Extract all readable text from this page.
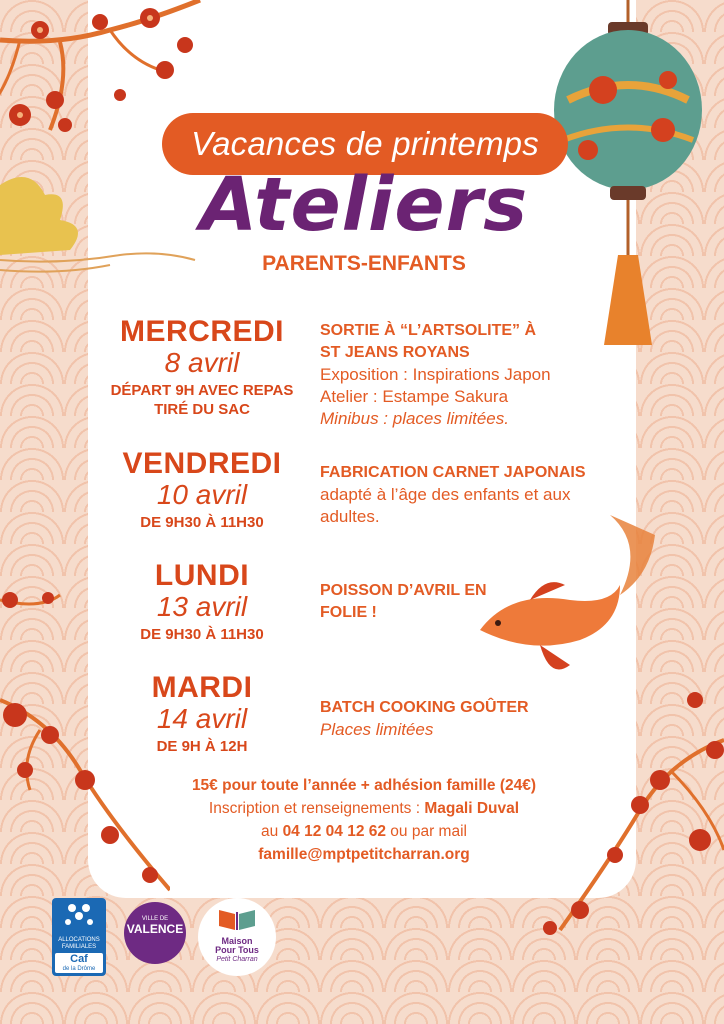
Vacances de printemps
Ateliers
PARENTS-ENFANTS
MERCREDI
8 avril
DÉPART 9H AVEC REPAS TIRÉ DU SAC
SORTIE À “L’ARTSOLITE” À ST JEANS ROYANS
Exposition : Inspirations Japon
Atelier : Estampe Sakura
Minibus : places limitées.
VENDREDI
10 avril
DE 9H30 À 11H30
FABRICATION CARNET JAPONAIS
adapté à l’âge des enfants et aux adultes.
LUNDI
13 avril
DE 9H30 À 11H30
POISSON D’AVRIL EN FOLIE !
MARDI
14 avril
DE 9H À 12H
BATCH COOKING GOÛTER
Places limitées
15€ pour toute l’année + adhésion famille (24€)
Inscription et renseignements : Magali Duval
au 04 12 04 12 62 ou par mail
famille@mptpetitcharran.org
ALLOCATIONS
FAMILIALES
Caf
de la Drôme
VILLE DE
VALENCE
Maison
Pour Tous
Petit Charran
